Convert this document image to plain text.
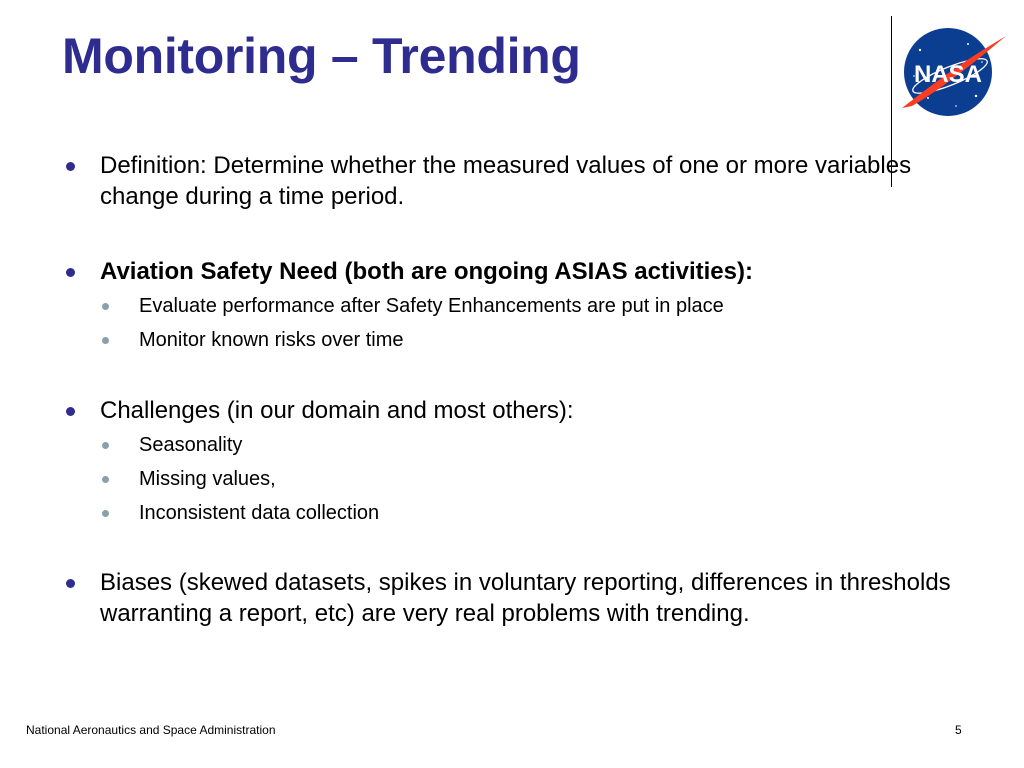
Monitoring – Trending	NASA
Definition: Determine whether the measured values of one or more variables change during a time period.
Aviation Safety Need (both are ongoing ASIAS activities):
Evaluate performance after Safety Enhancements are put in place
Monitor known risks over time
Challenges (in our domain and most others):
Seasonality
Missing values,
Inconsistent data collection
Biases (skewed datasets, spikes in voluntary reporting, differences in thresholds warranting a report, etc) are very real problems with trending.
National Aeronautics and Space Administration	5
